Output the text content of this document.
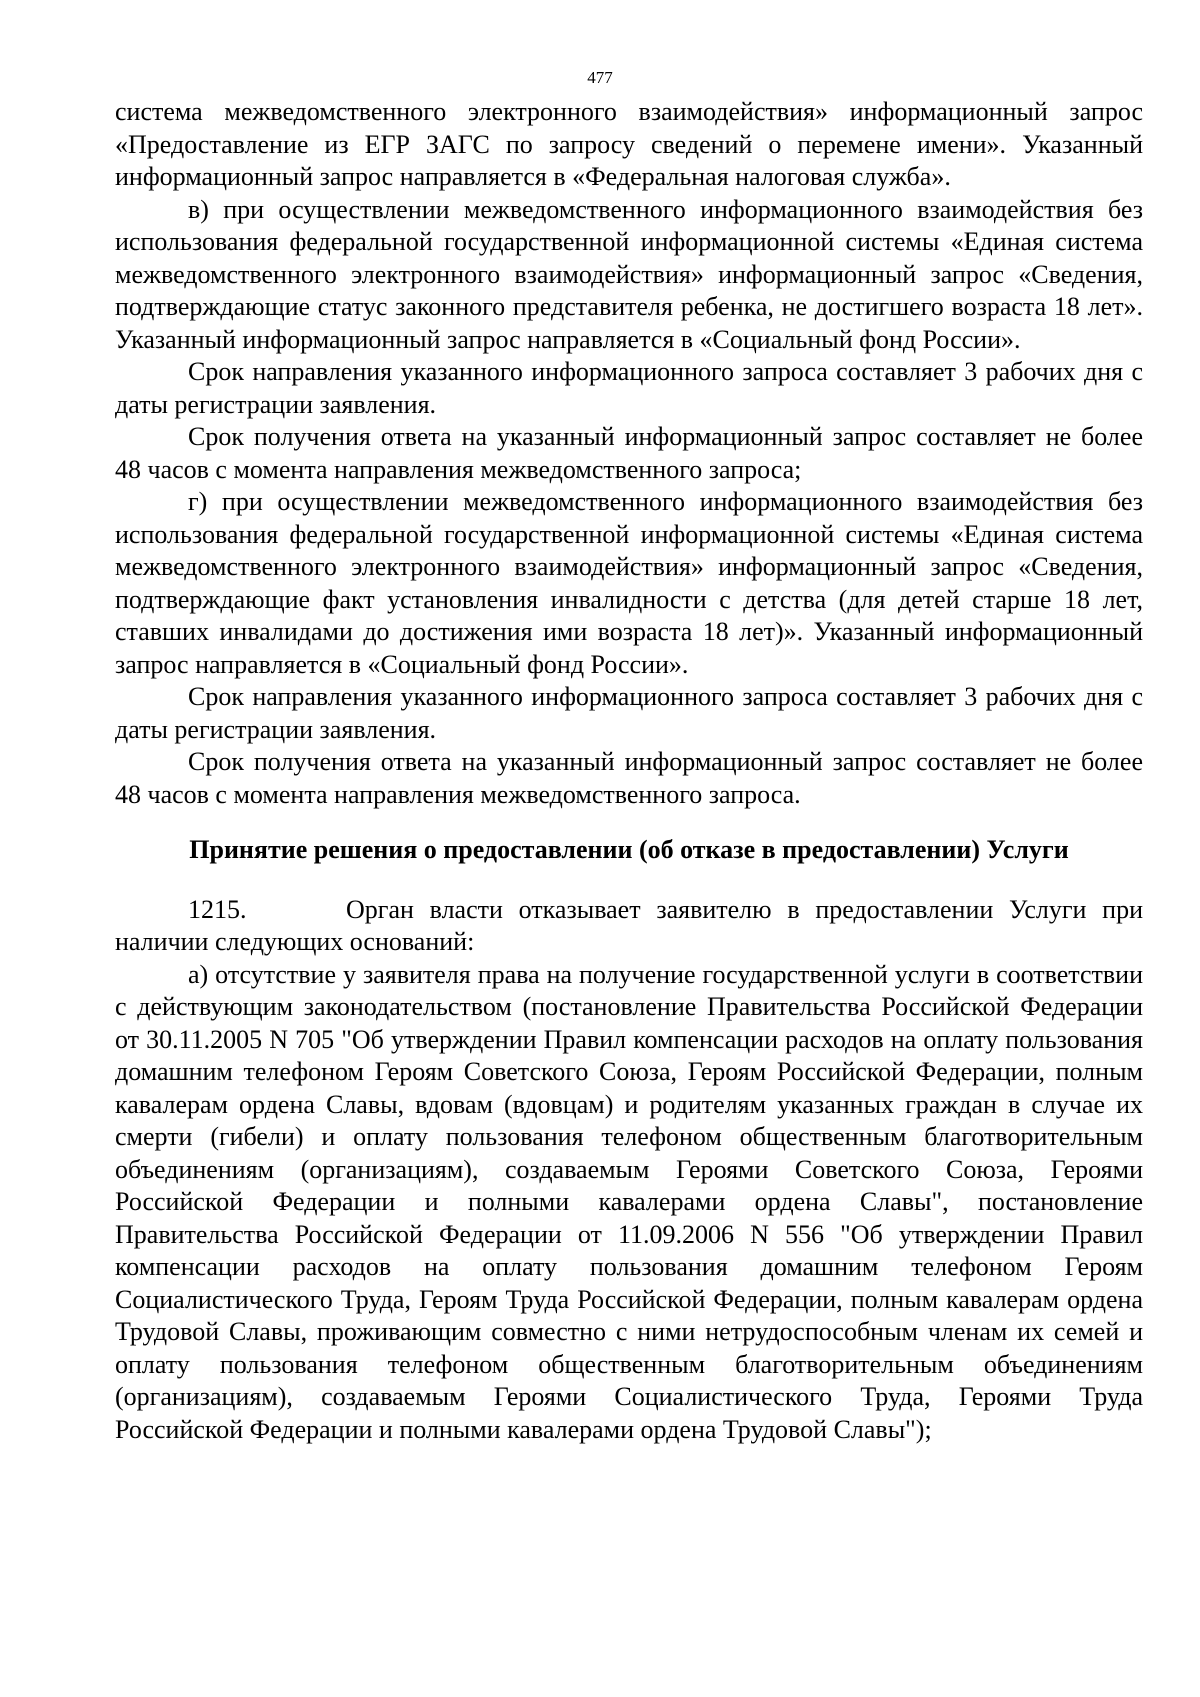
477

система межведомственного электронного взаимодействия» информационный запрос «Предоставление из ЕГР ЗАГС по запросу сведений о перемене имени». Указанный информационный запрос направляется в «Федеральная налоговая служба».

в) при осуществлении межведомственного информационного взаимодействия без использования федеральной государственной информационной системы «Единая система межведомственного электронного взаимодействия» информационный запрос «Сведения, подтверждающие статус законного представителя ребенка, не достигшего возраста 18 лет». Указанный информационный запрос направляется в «Социальный фонд России».

Срок направления указанного информационного запроса составляет 3 рабочих дня с даты регистрации заявления.

Срок получения ответа на указанный информационный запрос составляет не более 48 часов с момента направления межведомственного запроса;

г) при осуществлении межведомственного информационного взаимодействия без использования федеральной государственной информационной системы «Единая система межведомственного электронного взаимодействия» информационный запрос «Сведения, подтверждающие факт установления инвалидности с детства (для детей старше 18 лет, ставших инвалидами до достижения ими возраста 18 лет)». Указанный информационный запрос направляется в «Социальный фонд России».

Срок направления указанного информационного запроса составляет 3 рабочих дня с даты регистрации заявления.

Срок получения ответа на указанный информационный запрос составляет не более 48 часов с момента направления межведомственного запроса.

Принятие решения о предоставлении (об отказе в предоставлении) Услуги

1215.	Орган власти отказывает заявителю в предоставлении Услуги при наличии следующих оснований:

а) отсутствие у заявителя права на получение государственной услуги в соответствии с действующим законодательством (постановление Правительства Российской Федерации от 30.11.2005 N 705 "Об утверждении Правил компенсации расходов на оплату пользования домашним телефоном Героям Советского Союза, Героям Российской Федерации, полным кавалерам ордена Славы, вдовам (вдовцам) и родителям указанных граждан в случае их смерти (гибели) и оплату пользования телефоном общественным благотворительным объединениям (организациям), создаваемым Героями Советского Союза, Героями Российской Федерации и полными кавалерами ордена Славы", постановление Правительства Российской Федерации от 11.09.2006 N 556 "Об утверждении Правил компенсации расходов на оплату пользования домашним телефоном Героям Социалистического Труда, Героям Труда Российской Федерации, полным кавалерам ордена Трудовой Славы, проживающим совместно с ними нетрудоспособным членам их семей и оплату пользования телефоном общественным благотворительным объединениям (организациям), создаваемым Героями Социалистического Труда, Героями Труда Российской Федерации и полными кавалерами ордена Трудовой Славы");
